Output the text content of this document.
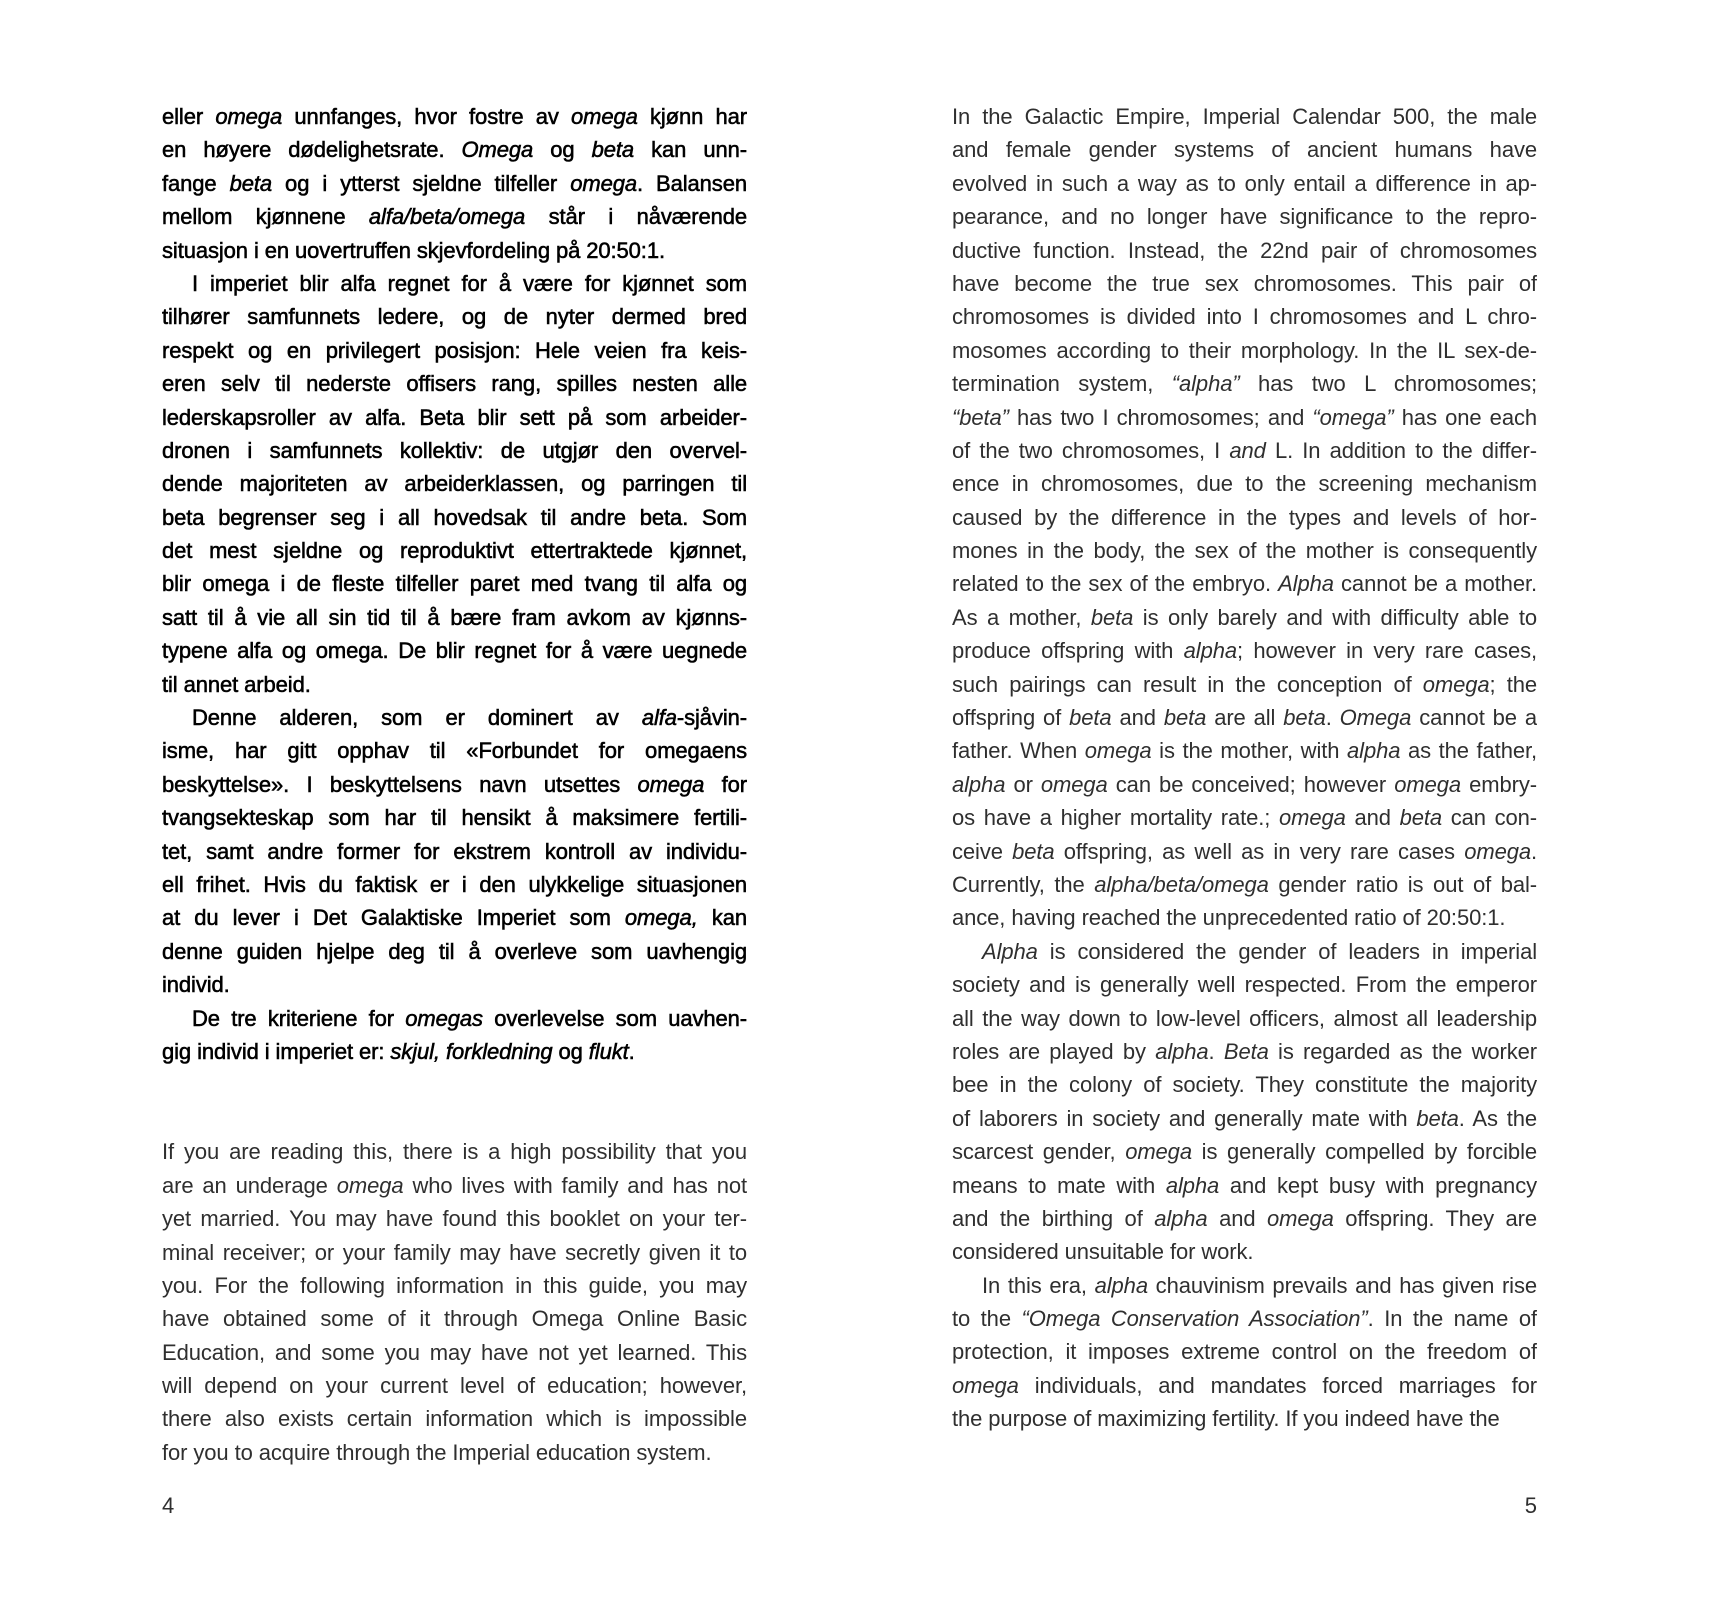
eller omega unnfanges, hvor fostre av omega kjønn har
en høyere dødelighetsrate. Omega og beta kan unn-
fange beta og i ytterst sjeldne tilfeller omega. Balansen
mellom kjønnene alfa/beta/omega står i nåværende
situasjon i en uovertruffen skjevfordeling på 20:50:1.
I imperiet blir alfa regnet for å være for kjønnet som
tilhører samfunnets ledere, og de nyter dermed bred
respekt og en privilegert posisjon: Hele veien fra keis-
eren selv til nederste offisers rang, spilles nesten alle
lederskapsroller av alfa. Beta blir sett på som arbeider-
dronen i samfunnets kollektiv: de utgjør den overvel-
dende majoriteten av arbeiderklassen, og parringen til
beta begrenser seg i all hovedsak til andre beta. Som
det mest sjeldne og reproduktivt ettertraktede kjønnet,
blir omega i de fleste tilfeller paret med tvang til alfa og
satt til å vie all sin tid til å bære fram avkom av kjønns-
typene alfa og omega. De blir regnet for å være uegnede
til annet arbeid.
Denne alderen, som er dominert av alfa-sjåvin-
isme, har gitt opphav til «Forbundet for omegaens
beskyttelse». I beskyttelsens navn utsettes omega for
tvangsekteskap som har til hensikt å maksimere fertili-
tet, samt andre former for ekstrem kontroll av individu-
ell frihet. Hvis du faktisk er i den ulykkelige situasjonen
at du lever i Det Galaktiske Imperiet som omega, kan
denne guiden hjelpe deg til å overleve som uavhengig
individ.
De tre kriteriene for omegas overlevelse som uavhen-
gig individ i imperiet er: skjul, forkledning og flukt.
If you are reading this, there is a high possibility that you
are an underage omega who lives with family and has not
yet married. You may have found this booklet on your ter-
minal receiver; or your family may have secretly given it to
you. For the following information in this guide, you may
have obtained some of it through Omega Online Basic
Education, and some you may have not yet learned. This
will depend on your current level of education; however,
there also exists certain information which is impossible
for you to acquire through the Imperial education system.
In the Galactic Empire, Imperial Calendar 500, the male
and female gender systems of ancient humans have
evolved in such a way as to only entail a difference in ap-
pearance, and no longer have significance to the repro-
ductive function. Instead, the 22nd pair of chromosomes
have become the true sex chromosomes. This pair of
chromosomes is divided into I chromosomes and L chro-
mosomes according to their morphology. In the IL sex-de-
termination system, “alpha” has two L chromosomes;
“beta” has two I chromosomes; and “omega” has one each
of the two chromosomes, I and L. In addition to the differ-
ence in chromosomes, due to the screening mechanism
caused by the difference in the types and levels of hor-
mones in the body, the sex of the mother is consequently
related to the sex of the embryo. Alpha cannot be a mother.
As a mother, beta is only barely and with difficulty able to
produce offspring with alpha; however in very rare cases,
such pairings can result in the conception of omega; the
offspring of beta and beta are all beta. Omega cannot be a
father. When omega is the mother, with alpha as the father,
alpha or omega can be conceived; however omega embry-
os have a higher mortality rate.; omega and beta can con-
ceive beta offspring, as well as in very rare cases omega.
Currently, the alpha/beta/omega gender ratio is out of bal-
ance, having reached the unprecedented ratio of 20:50:1.
Alpha is considered the gender of leaders in imperial
society and is generally well respected. From the emperor
all the way down to low-level officers, almost all leadership
roles are played by alpha. Beta is regarded as the worker
bee in the colony of society. They constitute the majority
of laborers in society and generally mate with beta. As the
scarcest gender, omega is generally compelled by forcible
means to mate with alpha and kept busy with pregnancy
and the birthing of alpha and omega offspring. They are
considered unsuitable for work.
In this era, alpha chauvinism prevails and has given rise
to the “Omega Conservation Association”. In the name of
protection, it imposes extreme control on the freedom of
omega individuals, and mandates forced marriages for
the purpose of maximizing fertility. If you indeed have the
4	5
